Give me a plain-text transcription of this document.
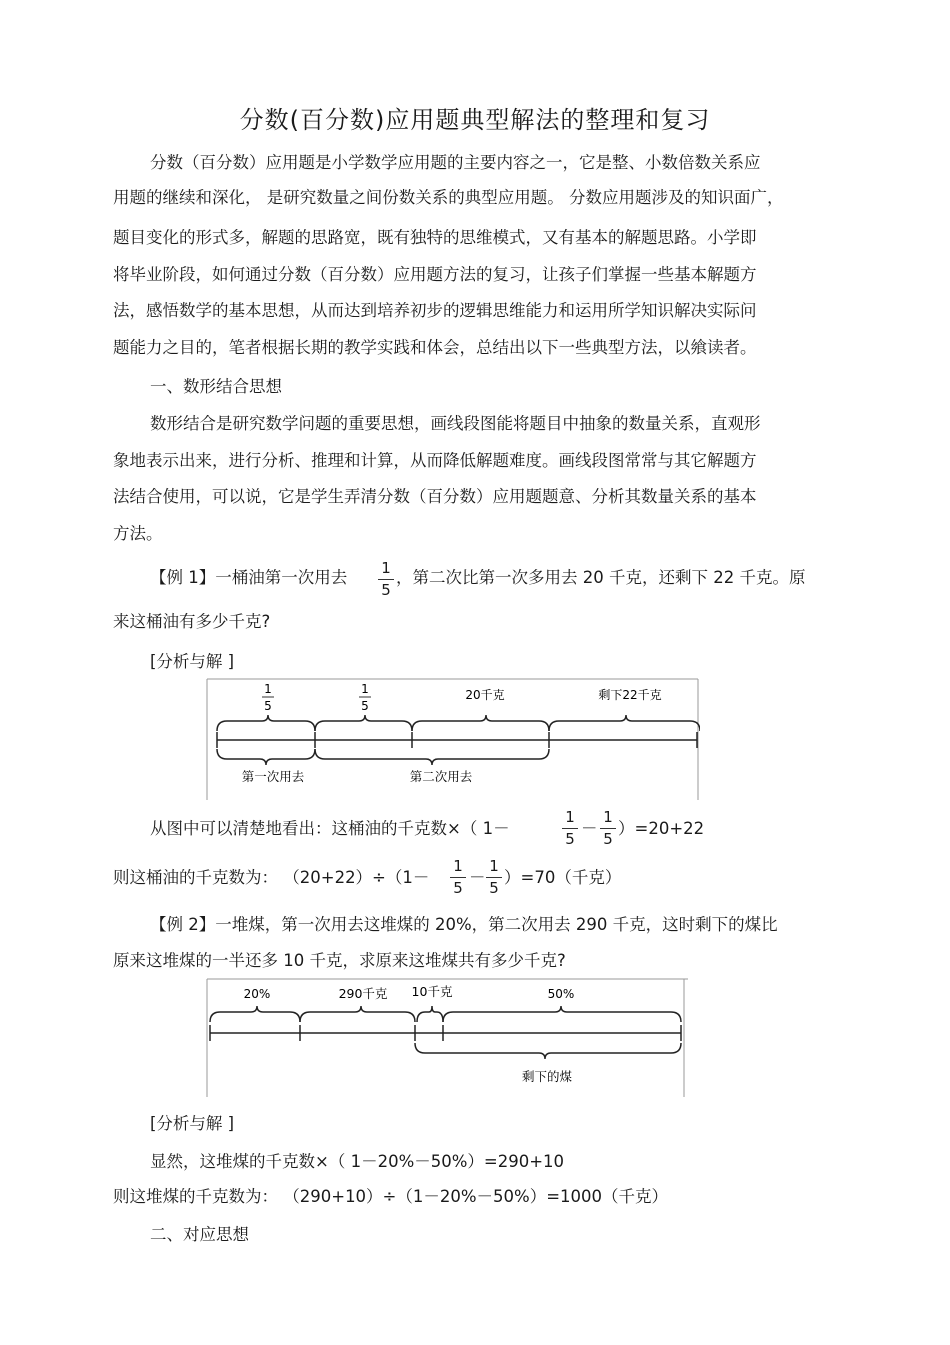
分数(百分数)应用题典型解法的整理和复习
分数（百分数）应用题是小学数学应用题的主要内容之一，它是整、小数倍数关系应
用题的继续和深化， 是研究数量之间份数关系的典型应用题。 分数应用题涉及的知识面广，
题目变化的形式多，解题的思路宽，既有独特的思维模式，又有基本的解题思路。小学即
将毕业阶段，如何通过分数（百分数）应用题方法的复习，让孩子们掌握一些基本解题方
法，感悟数学的基本思想，从而达到培养初步的逻辑思维能力和运用所学知识解决实际问
题能力之目的，笔者根据长期的教学实践和体会，总结出以下一些典型方法，以飨读者。
一、数形结合思想
数形结合是研究数学问题的重要思想，画线段图能将题目中抽象的数量关系，直观形
象地表示出来，进行分析、推理和计算，从而降低解题难度。画线段图常常与其它解题方
法结合使用，可以说，它是学生弄清分数（百分数）应用题题意、分析其数量关系的基本
方法。
【例 1】一桶油第一次用去 1
5
，第二次比第一次多用去 20 千克，还剩下 22 千克。原
来这桶油有多少千克?
[分析与解 ]
1
5
1
5
20千克	剩下22千克
第一次用去	第二次用去
从图中可以清楚地看出：这桶油的千克数×（ 1－
1
5
－
1
5
）=20+22
则这桶油的千克数为： （20+22）÷（1－
1
5
－
1
5
）=70（千克）
【例 2】一堆煤，第一次用去这堆煤的 20%，第二次用去 290 千克，这时剩下的煤比
原来这堆煤的一半还多 10 千克，求原来这堆煤共有多少千克?
20%	290千克 10千克	50%
剩下的煤
[分析与解 ]
显然，这堆煤的千克数×（ 1－20%－50%）=290+10
则这堆煤的千克数为： （290+10）÷（1－20%－50%）=1000（千克）
二、对应思想
